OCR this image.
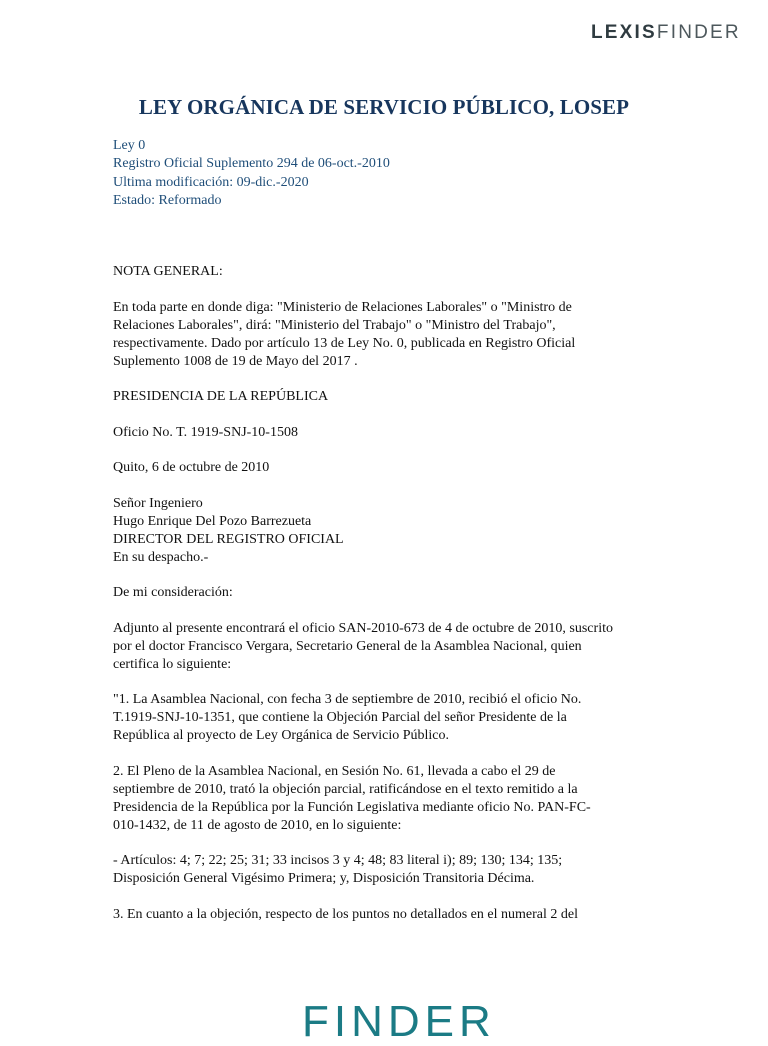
LEXISFINDER
LEY ORGÁNICA DE SERVICIO PÚBLICO, LOSEP
Ley 0
Registro Oficial Suplemento 294 de 06-oct.-2010
Ultima modificación: 09-dic.-2020
Estado: Reformado

NOTA GENERAL:

En toda parte en donde diga: "Ministerio de Relaciones Laborales" o "Ministro de
Relaciones Laborales", dirá: "Ministerio del Trabajo" o "Ministro del Trabajo",
respectivamente. Dado por artículo 13 de Ley No. 0, publicada en Registro Oficial
Suplemento 1008 de 19 de Mayo del 2017 .

PRESIDENCIA DE LA REPÚBLICA

Oficio No. T. 1919-SNJ-10-1508

Quito, 6 de octubre de 2010

Señor Ingeniero
Hugo Enrique Del Pozo Barrezueta
DIRECTOR DEL REGISTRO OFICIAL
En su despacho.-

De mi consideración:

Adjunto al presente encontrará el oficio SAN-2010-673 de 4 de octubre de 2010, suscrito
por el doctor Francisco Vergara, Secretario General de la Asamblea Nacional, quien
certifica lo siguiente:

"1. La Asamblea Nacional, con fecha 3 de septiembre de 2010, recibió el oficio No.
T.1919-SNJ-10-1351, que contiene la Objeción Parcial del señor Presidente de la
República al proyecto de Ley Orgánica de Servicio Público.

2. El Pleno de la Asamblea Nacional, en Sesión No. 61, llevada a cabo el 29 de
septiembre de 2010, trató la objeción parcial, ratificándose en el texto remitido a la
Presidencia de la República por la Función Legislativa mediante oficio No. PAN-FC-
010-1432, de 11 de agosto de 2010, en lo siguiente:

- Artículos: 4; 7; 22; 25; 31; 33 incisos 3 y 4; 48; 83 literal i); 89; 130; 134; 135;
Disposición General Vigésimo Primera; y, Disposición Transitoria Décima.

3. En cuanto a la objeción, respecto de los puntos no detallados en el numeral 2 del

FINDER
